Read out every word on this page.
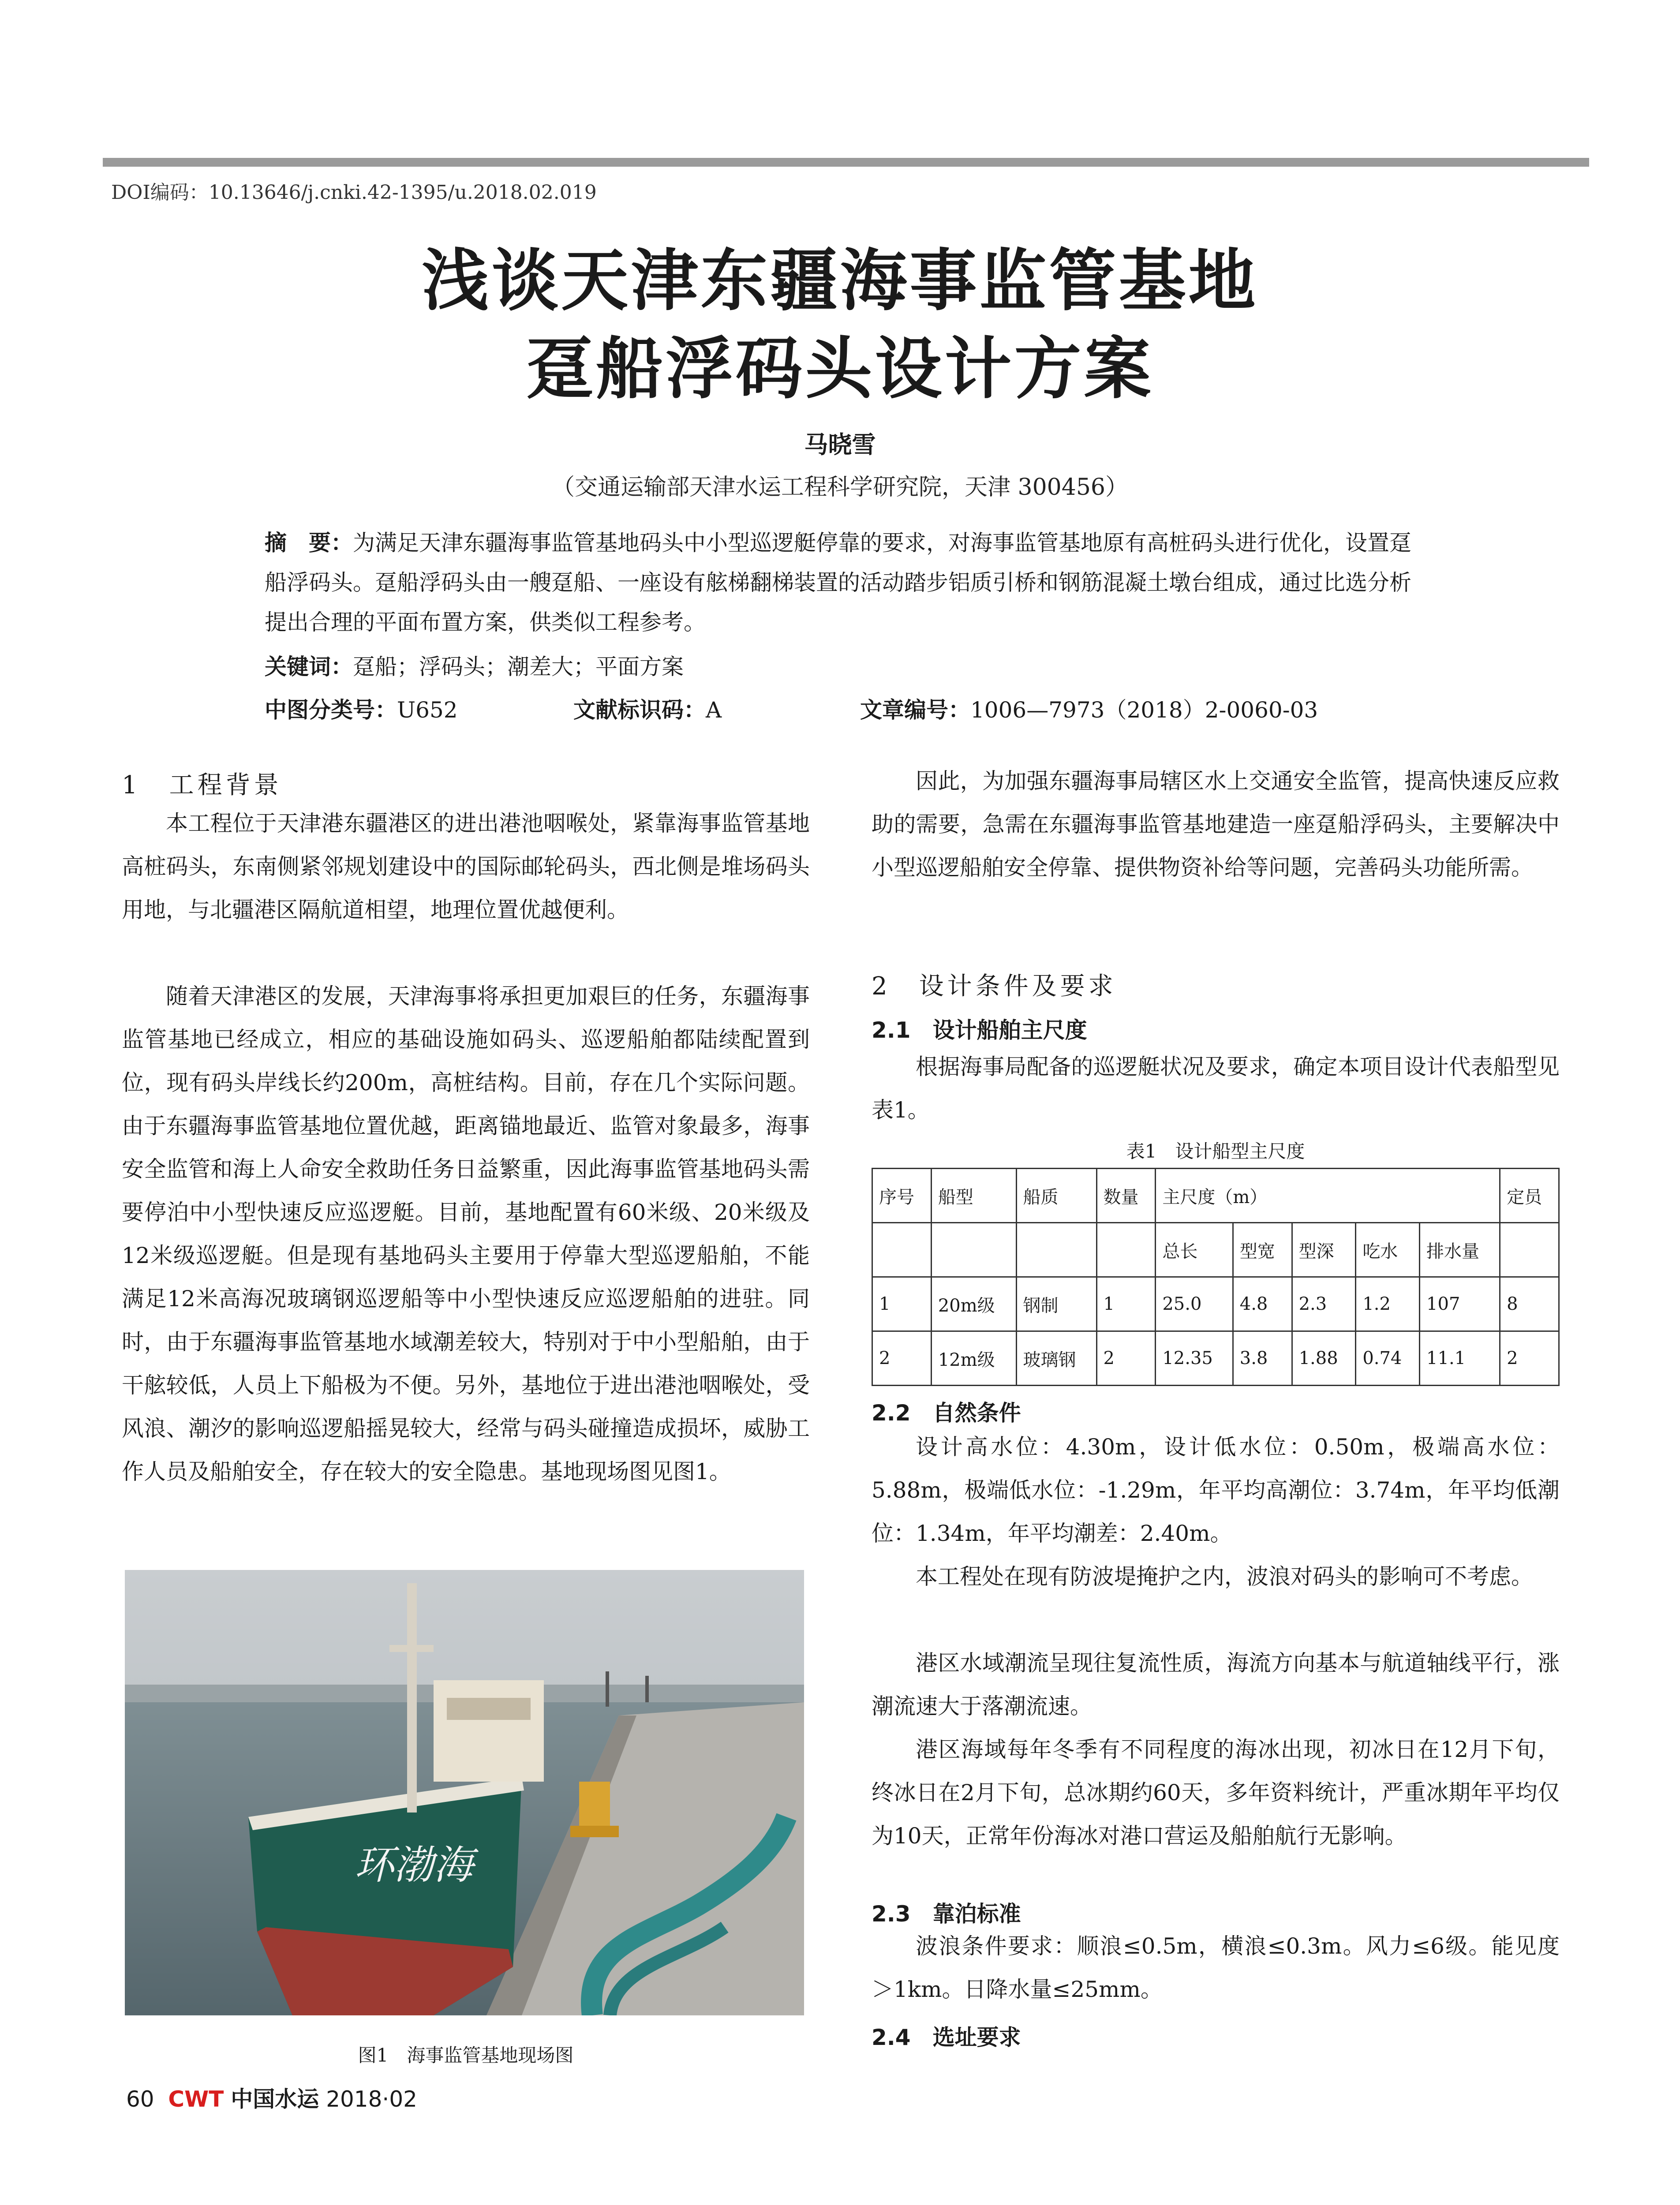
DOI编码：10.13646/j.cnki.42-1395/u.2018.02.019
浅谈天津东疆海事监管基地
趸船浮码头设计方案
马晓雪
（交通运输部天津水运工程科学研究院，天津 300456）
摘　要：为满足天津东疆海事监管基地码头中小型巡逻艇停靠的要求，对海事监管基地原有高桩码头进行优化，设置趸船浮码头。趸船浮码头由一艘趸船、一座设有舷梯翻梯装置的活动踏步铝质引桥和钢筋混凝土墩台组成，通过比选分析提出合理的平面布置方案，供类似工程参考。
关键词：趸船；浮码头；潮差大；平面方案
中图分类号：U652	文献标识码：A	文章编号：1006—7973（2018）2-0060-03
1　工程背景
本工程位于天津港东疆港区的进出港池咽喉处，紧靠海事监管基地高桩码头，东南侧紧邻规划建设中的国际邮轮码头，西北侧是堆场码头用地，与北疆港区隔航道相望，地理位置优越便利。
随着天津港区的发展，天津海事将承担更加艰巨的任务，东疆海事监管基地已经成立，相应的基础设施如码头、巡逻船舶都陆续配置到位，现有码头岸线长约200m，高桩结构。目前，存在几个实际问题。由于东疆海事监管基地位置优越，距离锚地最近、监管对象最多，海事安全监管和海上人命安全救助任务日益繁重，因此海事监管基地码头需要停泊中小型快速反应巡逻艇。目前，基地配置有60米级、20米级及12米级巡逻艇。但是现有基地码头主要用于停靠大型巡逻船舶，不能满足12米高海况玻璃钢巡逻船等中小型快速反应巡逻船舶的进驻。同时，由于东疆海事监管基地水域潮差较大，特别对于中小型船舶，由于干舷较低，人员上下船极为不便。另外，基地位于进出港池咽喉处，受风浪、潮汐的影响巡逻船摇晃较大，经常与码头碰撞造成损坏，威胁工作人员及船舶安全，存在较大的安全隐患。基地现场图见图1。
环渤海
图1　海事监管基地现场图
因此，为加强东疆海事局辖区水上交通安全监管，提高快速反应救助的需要，急需在东疆海事监管基地建造一座趸船浮码头，主要解决中小型巡逻船舶安全停靠、提供物资补给等问题，完善码头功能所需。
2　设计条件及要求
2.1　设计船舶主尺度
根据海事局配备的巡逻艇状况及要求，确定本项目设计代表船型见表1。
表1　设计船型主尺度
序号	船型	船质	数量	主尺度（m）					定员
				总长	型宽	型深	吃水	排水量	
1	20m级	钢制	1	25.0	4.8	2.3	1.2	107	8
2	12m级	玻璃钢	2	12.35	3.8	1.88	0.74	11.1	2
2.2　自然条件
设计高水位：4.30m，设计低水位：0.50m，极端高水位：5.88m，极端低水位：-1.29m，年平均高潮位：3.74m，年平均低潮位：1.34m，年平均潮差：2.40m。
本工程处在现有防波堤掩护之内，波浪对码头的影响可不考虑。
港区水域潮流呈现往复流性质，海流方向基本与航道轴线平行，涨潮流速大于落潮流速。
港区海域每年冬季有不同程度的海冰出现，初冰日在12月下旬，终冰日在2月下旬，总冰期约60天，多年资料统计，严重冰期年平均仅为10天，正常年份海冰对港口营运及船舶航行无影响。
2.3　靠泊标准
波浪条件要求：顺浪≤0.5m，横浪≤0.3m。风力≤6级。能见度＞1km。日降水量≤25mm。
2.4　选址要求
60 CWT 中国水运 2018·02
